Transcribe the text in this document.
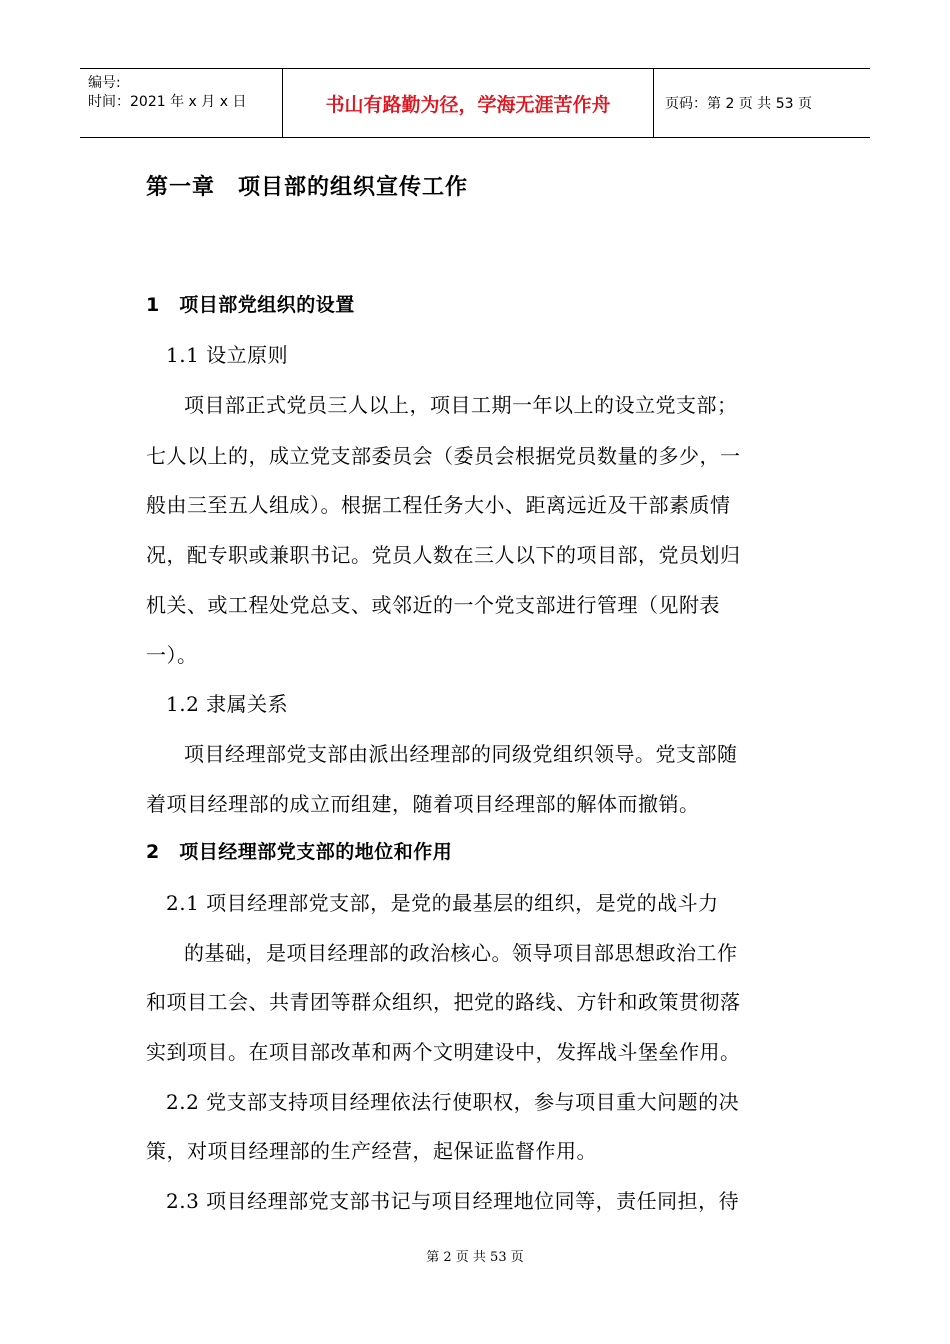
编号:
时间：2021 年 x 月 x 日	书山有路勤为径，学海无涯苦作舟	页码：第 2 页 共 53 页
第一章　项目部的组织宣传工作
1　项目部党组织的设置
1.1 设立原则
项目部正式党员三人以上，项目工期一年以上的设立党支部；
七人以上的，成立党支部委员会（委员会根据党员数量的多少，一
般由三至五人组成）。根据工程任务大小、距离远近及干部素质情
况，配专职或兼职书记。党员人数在三人以下的项目部，党员划归
机关、或工程处党总支、或邻近的一个党支部进行管理（见附表
一）。
1.2 隶属关系
项目经理部党支部由派出经理部的同级党组织领导。党支部随
着项目经理部的成立而组建，随着项目经理部的解体而撤销。
2　项目经理部党支部的地位和作用
2.1 项目经理部党支部，是党的最基层的组织，是党的战斗力
的基础，是项目经理部的政治核心。领导项目部思想政治工作
和项目工会、共青团等群众组织，把党的路线、方针和政策贯彻落
实到项目。在项目部改革和两个文明建设中，发挥战斗堡垒作用。
2.2 党支部支持项目经理依法行使职权，参与项目重大问题的决
策，对项目经理部的生产经营，起保证监督作用。
2.3 项目经理部党支部书记与项目经理地位同等，责任同担，待
第 2 页 共 53 页
